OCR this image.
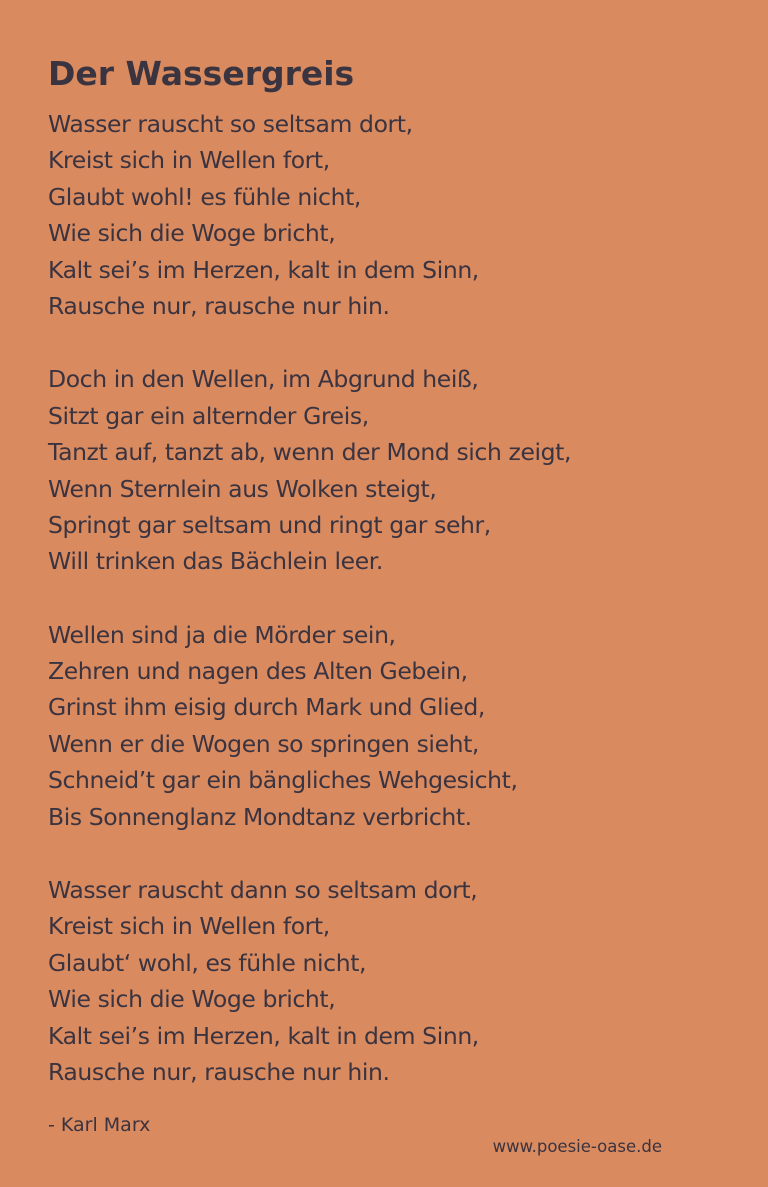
Der Wassergreis
Wasser rauscht so seltsam dort,
Kreist sich in Wellen fort,
Glaubt wohl! es fühle nicht,
Wie sich die Woge bricht,
Kalt sei’s im Herzen, kalt in dem Sinn,
Rausche nur, rausche nur hin.
Doch in den Wellen, im Abgrund heiß,
Sitzt gar ein alternder Greis,
Tanzt auf, tanzt ab, wenn der Mond sich zeigt,
Wenn Sternlein aus Wolken steigt,
Springt gar seltsam und ringt gar sehr,
Will trinken das Bächlein leer.
Wellen sind ja die Mörder sein,
Zehren und nagen des Alten Gebein,
Grinst ihm eisig durch Mark und Glied,
Wenn er die Wogen so springen sieht,
Schneid’t gar ein bängliches Wehgesicht,
Bis Sonnenglanz Mondtanz verbricht.
Wasser rauscht dann so seltsam dort,
Kreist sich in Wellen fort,
Glaubt‘ wohl, es fühle nicht,
Wie sich die Woge bricht,
Kalt sei’s im Herzen, kalt in dem Sinn,
Rausche nur, rausche nur hin.
- Karl Marx
www.poesie-oase.de
